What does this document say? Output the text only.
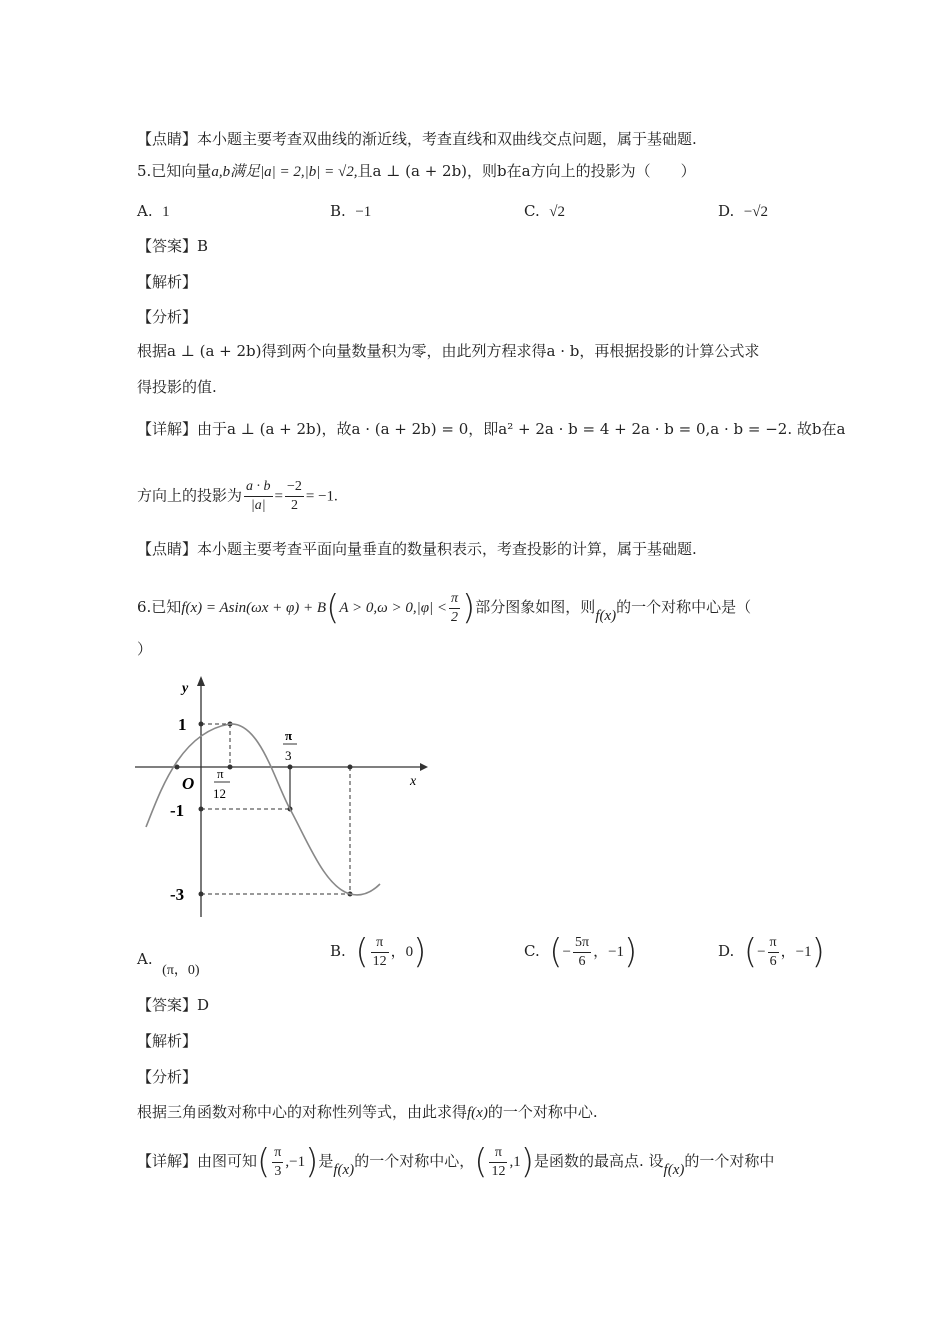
【点睛】本小题主要考查双曲线的渐近线，考查直线和双曲线交点问题，属于基础题.
5.已知向量a,b满足|a| = 2,|b| = √2,且a ⊥ (a + 2b)，则b在a方向上的投影为（　　）
A. 1	B. −1	C. √2	D. −√2
【答案】B
【解析】
【分析】
根据a ⊥ (a + 2b)得到两个向量数量积为零，由此列方程求得a · b，再根据投影的计算公式求
得投影的值.
【详解】由于a ⊥ (a + 2b)，故a · (a + 2b) = 0，即a² + 2a · b = 4 + 2a · b = 0,a · b = −2. 故b在a
方向上的投影为 $\frac{a \cdot b}{|a|} = \frac{-2}{2} = -1$.
【点睛】本小题主要考查平面向量垂直的数量积表示，考查投影的计算，属于基础题.
6.已知$f(x) = Asin(\omega x + \varphi) + B(A > 0,\omega > 0,|\varphi| < \frac{\pi}{2}$ )部分图象如图，则f(x)的一个对称中心是（
）
y
x
O
1
-1
-3
π
12
π
3
A.  (π，0)
B. ( $\frac{\pi}{12}$ ，0)	C. (− $\frac{5\pi}{6}$ ，−1)	D. (− $\frac{\pi}{6}$ ，−1)
【答案】D
【解析】
【分析】
根据三角函数对称中心的对称性列等式，由此求得f(x)的一个对称中心.
【详解】由图可知( $\frac{\pi}{3} ,-1$)是f(x)的一个对称中心，( $\frac{\pi}{12} ,1$)是函数的最高点. 设f(x)的一个对称中
